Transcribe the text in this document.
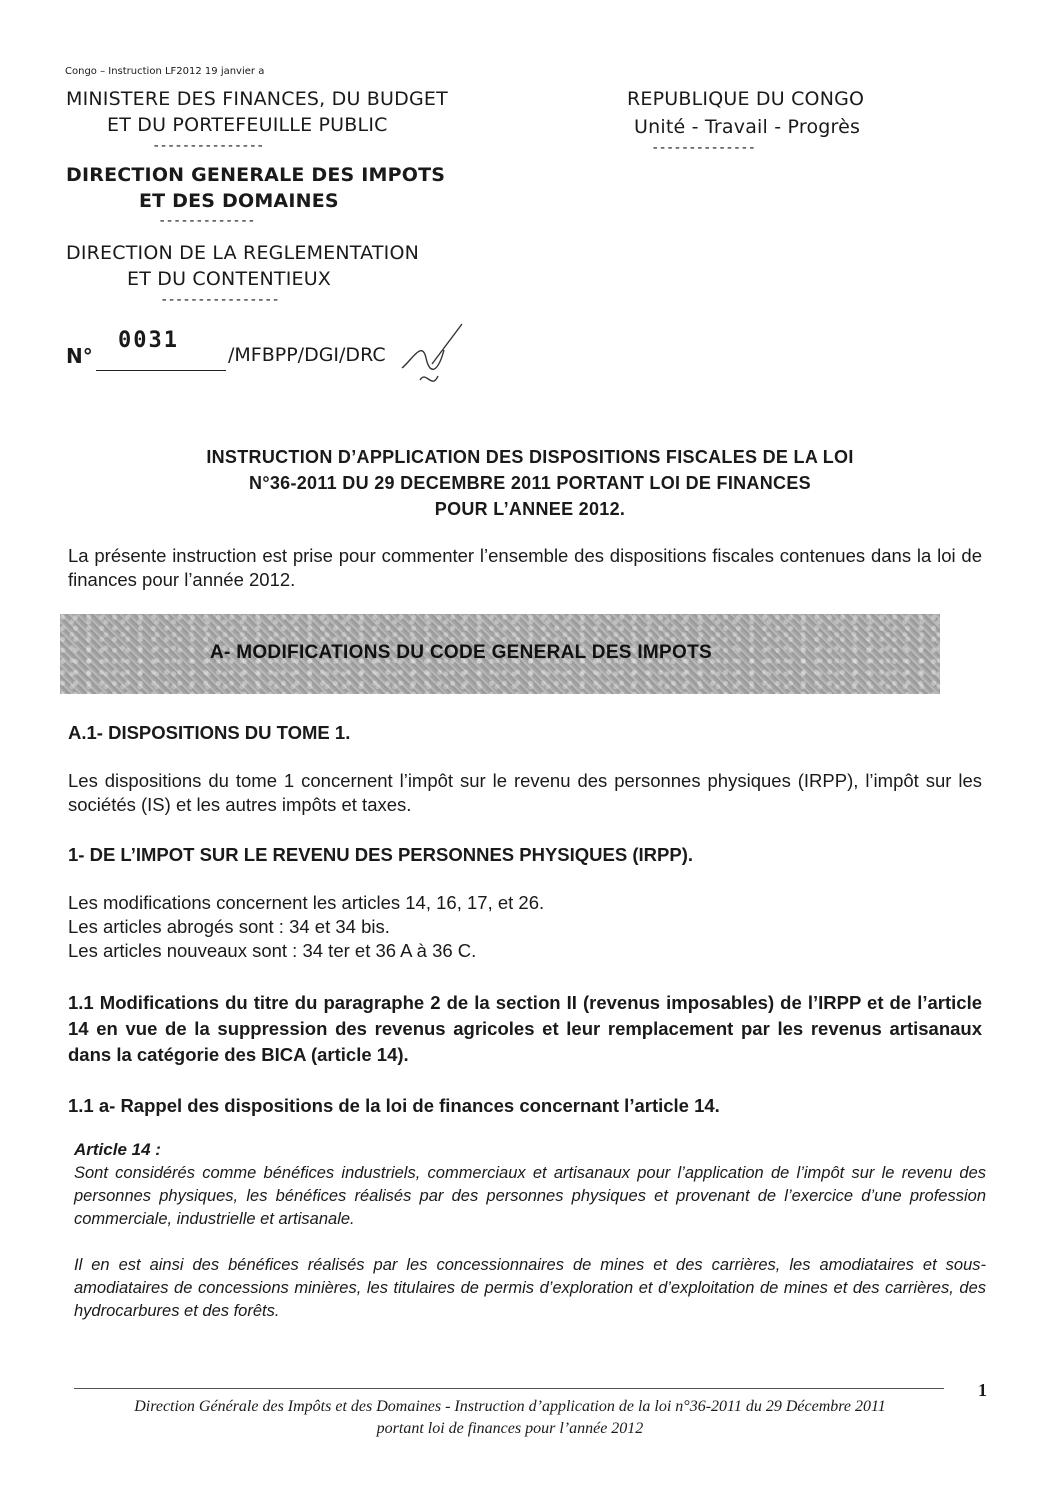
Congo – Instruction LF2012 19 janvier a
MINISTERE DES FINANCES, DU BUDGET
ET DU PORTEFEUILLE PUBLIC
---------------
DIRECTION GENERALE DES IMPOTS
ET DES DOMAINES
-------------
DIRECTION DE LA REGLEMENTATION
ET DU CONTENTIEUX
----------------
REPUBLIQUE DU CONGO
Unité - Travail - Progrès
--------------
N°
0031
/MFBPP/DGI/DRC
INSTRUCTION D’APPLICATION DES DISPOSITIONS FISCALES DE LA LOI
N°36-2011 DU 29 DECEMBRE 2011 PORTANT LOI DE FINANCES
POUR L’ANNEE 2012.
La présente instruction est prise pour commenter l’ensemble des dispositions fiscales contenues dans la loi de finances pour l’année 2012.
A- MODIFICATIONS DU CODE GENERAL DES IMPOTS
A.1- DISPOSITIONS DU TOME 1.
Les dispositions du tome 1 concernent l’impôt sur le revenu des personnes physiques (IRPP), l’impôt sur les sociétés (IS) et les autres impôts et taxes.
1- DE L’IMPOT SUR LE REVENU DES PERSONNES PHYSIQUES (IRPP).
Les modifications concernent les articles 14, 16, 17, et 26.
Les articles abrogés sont : 34 et 34 bis.
Les articles nouveaux sont : 34 ter et 36 A à 36 C.
1.1 Modifications du titre du paragraphe 2 de la section II (revenus imposables) de l’IRPP et de l’article 14 en vue de la suppression des revenus agricoles et leur remplacement par les revenus artisanaux dans la catégorie des BICA (article 14).
1.1 a- Rappel des dispositions de la loi de finances concernant l’article 14.
Article 14 :
Sont considérés comme bénéfices industriels, commerciaux et artisanaux pour l’application de l’impôt sur le revenu des personnes physiques, les bénéfices réalisés par des personnes physiques et provenant de l’exercice d’une profession commerciale, industrielle et artisanale.
Il en est ainsi des bénéfices réalisés par les concessionnaires de mines et des carrières, les amodiataires et sous-amodiataires de concessions minières, les titulaires de permis d’exploration et d’exploitation de mines et des carrières, des hydrocarbures et des forêts.
1
Direction Générale des Impôts et des Domaines - Instruction d’application de la loi n°36-2011 du 29 Décembre 2011
portant loi de finances pour l’année 2012
